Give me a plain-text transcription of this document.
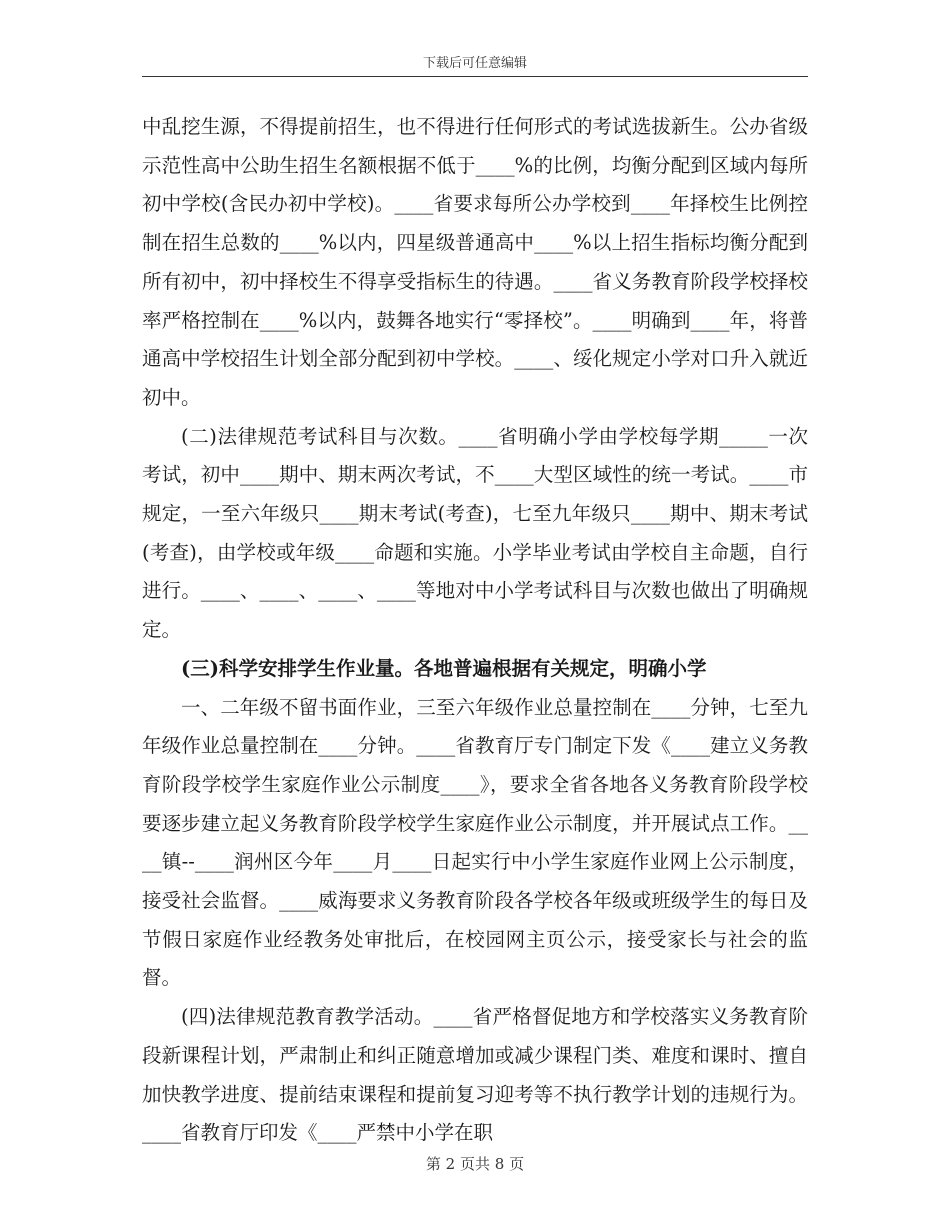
下载后可任意编辑

中乱挖生源，不得提前招生，也不得进行任何形式的考试选拔新生。公办省级示范性高中公助生招生名额根据不低于____%的比例，均衡分配到区域内每所初中学校(含民办初中学校)。____省要求每所公办学校到____年择校生比例控制在招生总数的____%以内，四星级普通高中____%以上招生指标均衡分配到所有初中，初中择校生不得享受指标生的待遇。____省义务教育阶段学校择校率严格控制在____%以内，鼓舞各地实行“零择校”。____明确到____年，将普通高中学校招生计划全部分配到初中学校。____、绥化规定小学对口升入就近初中。

(二)法律规范考试科目与次数。____省明确小学由学校每学期_____一次考试，初中____期中、期末两次考试，不____大型区域性的统一考试。____市规定，一至六年级只____期末考试(考查)，七至九年级只____期中、期末考试(考查)，由学校或年级____命题和实施。小学毕业考试由学校自主命题，自行进行。____、____、____、____等地对中小学考试科目与次数也做出了明确规定。

(三)科学安排学生作业量。各地普遍根据有关规定，明确小学

一、二年级不留书面作业，三至六年级作业总量控制在____分钟，七至九年级作业总量控制在____分钟。____省教育厅专门制定下发《____建立义务教育阶段学校学生家庭作业公示制度____》，要求全省各地各义务教育阶段学校要逐步建立起义务教育阶段学校学生家庭作业公示制度，并开展试点工作。____镇--____润州区今年____月____日起实行中小学生家庭作业网上公示制度，接受社会监督。____威海要求义务教育阶段各学校各年级或班级学生的每日及节假日家庭作业经教务处审批后，在校园网主页公示，接受家长与社会的监督。

(四)法律规范教育教学活动。____省严格督促地方和学校落实义务教育阶段新课程计划，严肃制止和纠正随意增加或减少课程门类、难度和课时、擅自加快教学进度、提前结束课程和提前复习迎考等不执行教学计划的违规行为。____省教育厅印发《____严禁中小学在职

第 2 页共 8 页
